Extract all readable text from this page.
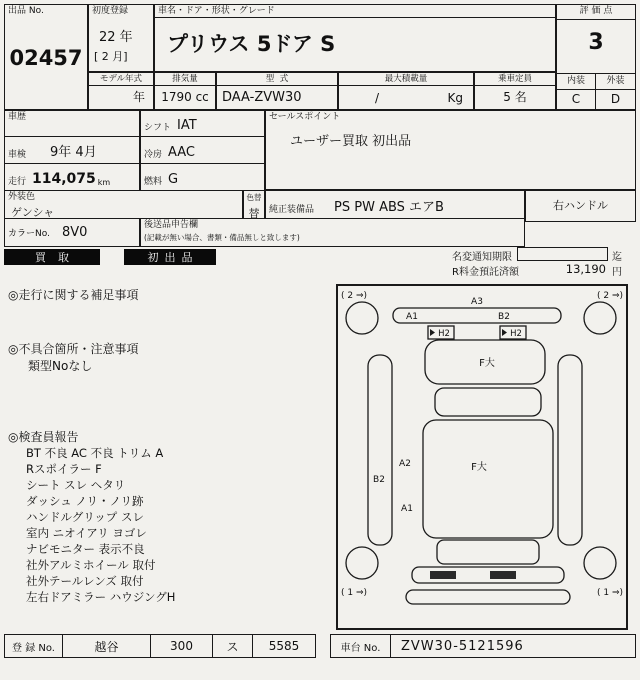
出品 No.
02457
初度登録
22 年
[ 2 月]
車名・ドア・形状・グレード
プリウス 5ドア S
評 価 点
3
内装	外装
C	D
モデル年式	排気量	型  式	最大積載量	乗車定員
年	1790 cc	DAA-ZVW30	/	Kg	5 名
車歴
シフト IAT
セールスポイント
ユーザー買取 初出品
車検 9年 4月	冷房 AAC
走行 114,075 km	燃料 G
外装色
ゲンシャ
色替
替	純正装備品 PS PW ABS エアB	右ハンドル
カラーNo. 8V0	後送品申告欄
(記載が無い場合、書類・備品無しと致します)
買取	初出品	名変通知期限	迄
R料金預託済額	13,190 円
◎走行に関する補足事項
◎不具合箇所・注意事項
類型Noなし
◎検査員報告
BT 不良 AC 不良 トリム A
Rスポイラー F
シート スレ ヘタリ
ダッシュ ノリ・ノリ跡
ハンドルグリップ スレ
室内 ニオイアリ ヨゴレ
ナビモニター 表示不良
社外アルミホイール 取付
社外テールレンズ 取付
左右ドアミラー ハウジングH
( 2 ⇒)	( 2 ⇒)
( 1 ⇒)	( 1 ⇒)
A3
A1	B2
H2	H2
F大
F大
B2
A2
A1
登 録 No.	越谷	300	ス	5585	車台 No.	ZVW30-5121596
